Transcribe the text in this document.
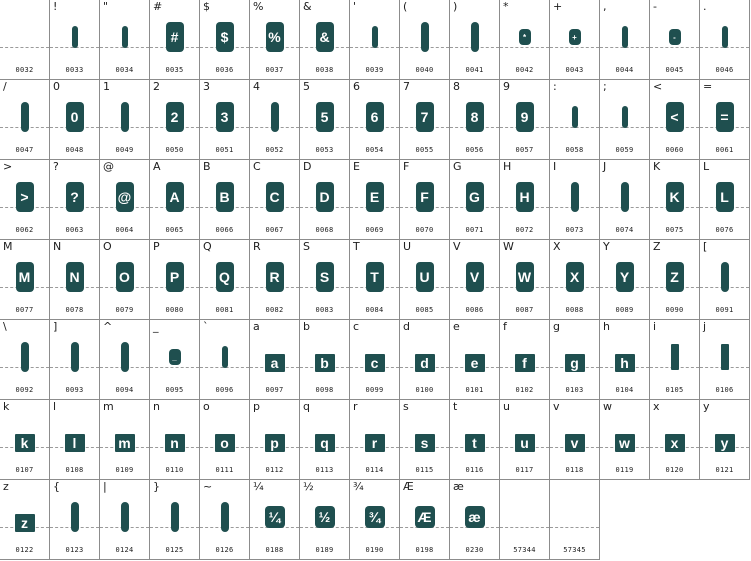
0032
!
0033
"
0034
#
#
0035
$
$
0036
%
%
0037
&
&
0038
'
0039
(
0040
)
0041
*
*
0042
+
+
0043
,
0044
-
-
0045
.
0046
/
0047
0
0
0048
1
0049
2
2
0050
3
3
0051
4
0052
5
5
0053
6
6
0054
7
7
0055
8
8
0056
9
9
0057
:
0058
;
0059
<
<
0060
=
=
0061
>
>
0062
?
?
0063
@
@
0064
A
A
0065
B
B
0066
C
C
0067
D
D
0068
E
E
0069
F
F
0070
G
G
0071
H
H
0072
I
0073
J
0074
K
K
0075
L
L
0076
M
M
0077
N
N
0078
O
O
0079
P
P
0080
Q
Q
0081
R
R
0082
S
S
0083
T
T
0084
U
U
0085
V
V
0086
W
W
0087
X
X
0088
Y
Y
0089
Z
Z
0090
[
0091
\
0092
]
0093
^
0094
_
_
0095
`
0096
a
a
0097
b
b
0098
c
c
0099
d
d
0100
e
e
0101
f
f
0102
g
g
0103
h
h
0104
i
0105
j
0106
k
k
0107
l
l
0108
m
m
0109
n
n
0110
o
o
0111
p
p
0112
q
q
0113
r
r
0114
s
s
0115
t
t
0116
u
u
0117
v
v
0118
w
w
0119
x
x
0120
y
y
0121
z
z
0122
{
0123
|
0124
}
0125
~
0126
¼
¼
0188
½
½
0189
¾
¾
0190
Æ
Æ
0198
æ
æ
0230	57344	57345
